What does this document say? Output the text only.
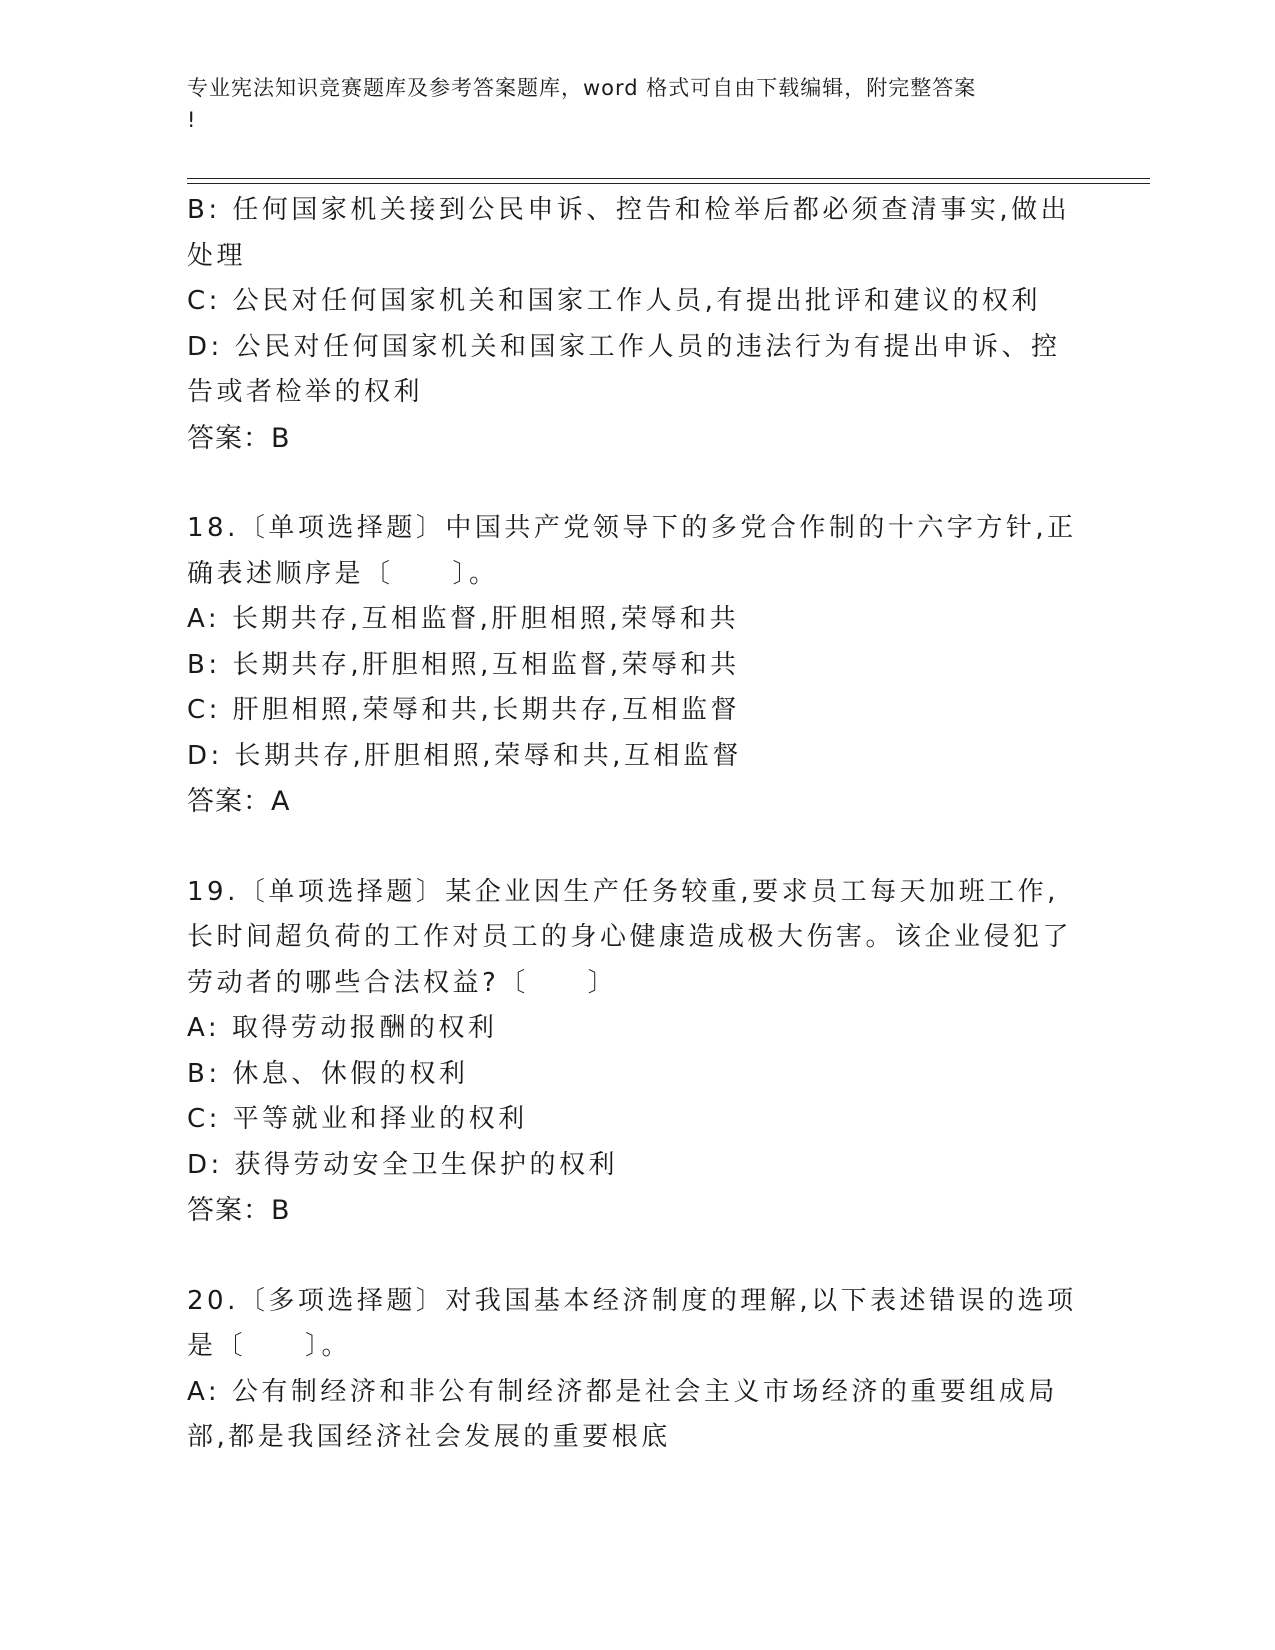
专业宪法知识竞赛题库及参考答案题库，word 格式可自由下载编辑，附完整答案
!

B: 任何国家机关接到公民申诉、控告和检举后都必须查清事实,做出处理

C: 公民对任何国家机关和国家工作人员,有提出批评和建议的权利

D: 公民对任何国家机关和国家工作人员的违法行为有提出申诉、控告或者检举的权利

答案：B

18.〔单项选择题〕中国共产党领导下的多党合作制的十六字方针,正确表述顺序是〔　　〕。

A: 长期共存,互相监督,肝胆相照,荣辱和共

B: 长期共存,肝胆相照,互相监督,荣辱和共

C: 肝胆相照,荣辱和共,长期共存,互相监督

D: 长期共存,肝胆相照,荣辱和共,互相监督

答案：A

19.〔单项选择题〕某企业因生产任务较重,要求员工每天加班工作,长时间超负荷的工作对员工的身心健康造成极大伤害。该企业侵犯了劳动者的哪些合法权益?〔　　〕

A: 取得劳动报酬的权利

B: 休息、休假的权利

C: 平等就业和择业的权利

D: 获得劳动安全卫生保护的权利

答案：B

20.〔多项选择题〕对我国基本经济制度的理解,以下表述错误的选项是〔　　〕。

A: 公有制经济和非公有制经济都是社会主义市场经济的重要组成局部,都是我国经济社会发展的重要根底
